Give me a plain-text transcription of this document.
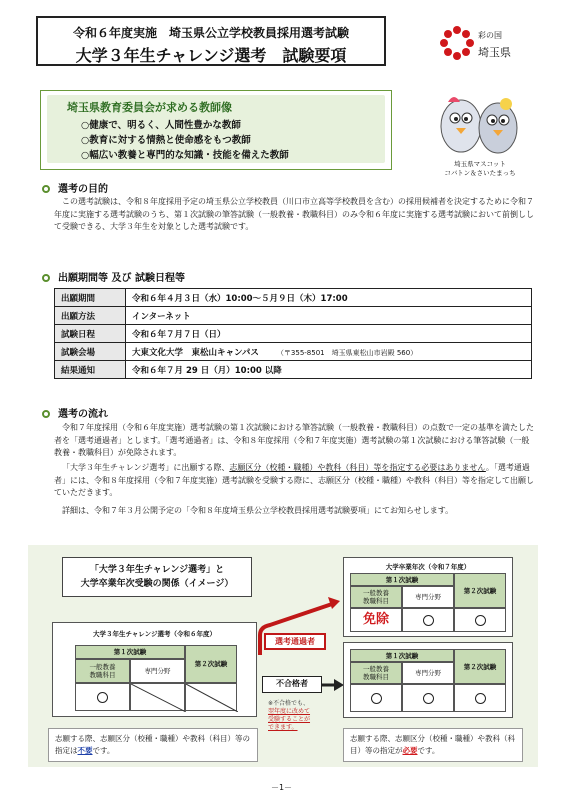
令和６年度実施　埼玉県公立学校教員採用選考試験
大学３年生チャレンジ選考　試験要項
彩の国
埼玉県
埼玉県教育委員会が求める教師像
○健康で、明るく、人間性豊かな教師
○教育に対する情熱と使命感をもつ教師
○幅広い教養と専門的な知識・技能を備えた教師
埼玉県マスコット
コバトン＆さいたまっち
選考の目的
この選考試験は、令和８年度採用予定の埼玉県公立学校教員（川口市立高等学校教員を含む）の採用候補者を決定するために令和７年度に実施する選考試験のうち、第１次試験の筆答試験（一般教養・教職科目）のみ令和６年度に実施する選考試験において前倒しして受験できる、大学３年生を対象とした選考試験です。
出願期間等 及び 試験日程等
出願期間	令和６年４月３日（水）10:00～５月９日（木）17:00
出願方法	インターネット
試験日程	令和６年７月７日（日）
試験会場	大東文化大学　東松山キャンパス （〒355-8501　埼玉県東松山市岩殿 560）
結果通知	令和６年７月 29 日（月）10:00 以降
選考の流れ
令和７年度採用（令和６年度実施）選考試験の第１次試験における筆答試験（一般教養・教職科目）の点数で一定の基準を満たした者を「選考通過者」とします。「選考通過者」は、令和８年度採用（令和７年度実施）選考試験の第１次試験における筆答試験（一般教養・教職科目）が免除されます。
「大学３年生チャレンジ選考」に出願する際、志願区分（校種・職種）や教科（科目）等を指定する必要はありません。「選考通過者」には、令和８年度採用（令和７年度実施）選考試験を受験する際に、志願区分（校種・職種）や教科（科目）等を指定して出願していただきます。
詳細は、令和７年３月公開予定の「令和８年度埼玉県公立学校教員採用選考試験要項」にてお知らせします。
「大学３年生チャレンジ選考」と
大学卒業年次受験の関係（イメージ）
大学３年生チャレンジ選考（令和６年度）
第１次試験
一般教養
教職科目	専門分野
第２次試験
選考通過者
不合格者
※不合格でも、
翌年度に改めて
受験することが
できます。
大学卒業年次（令和７年度）
第１次試験
一般教養
教職科目	専門分野
第２次試験
免除
第１次試験
一般教養
教職科目	専門分野
第２次試験
志願する際、志願区分（校種・職種）や教科（科目）等の指定は不要です。
志願する際、志願区分（校種・職種）や教科（科目）等の指定が必要です。
－1－
